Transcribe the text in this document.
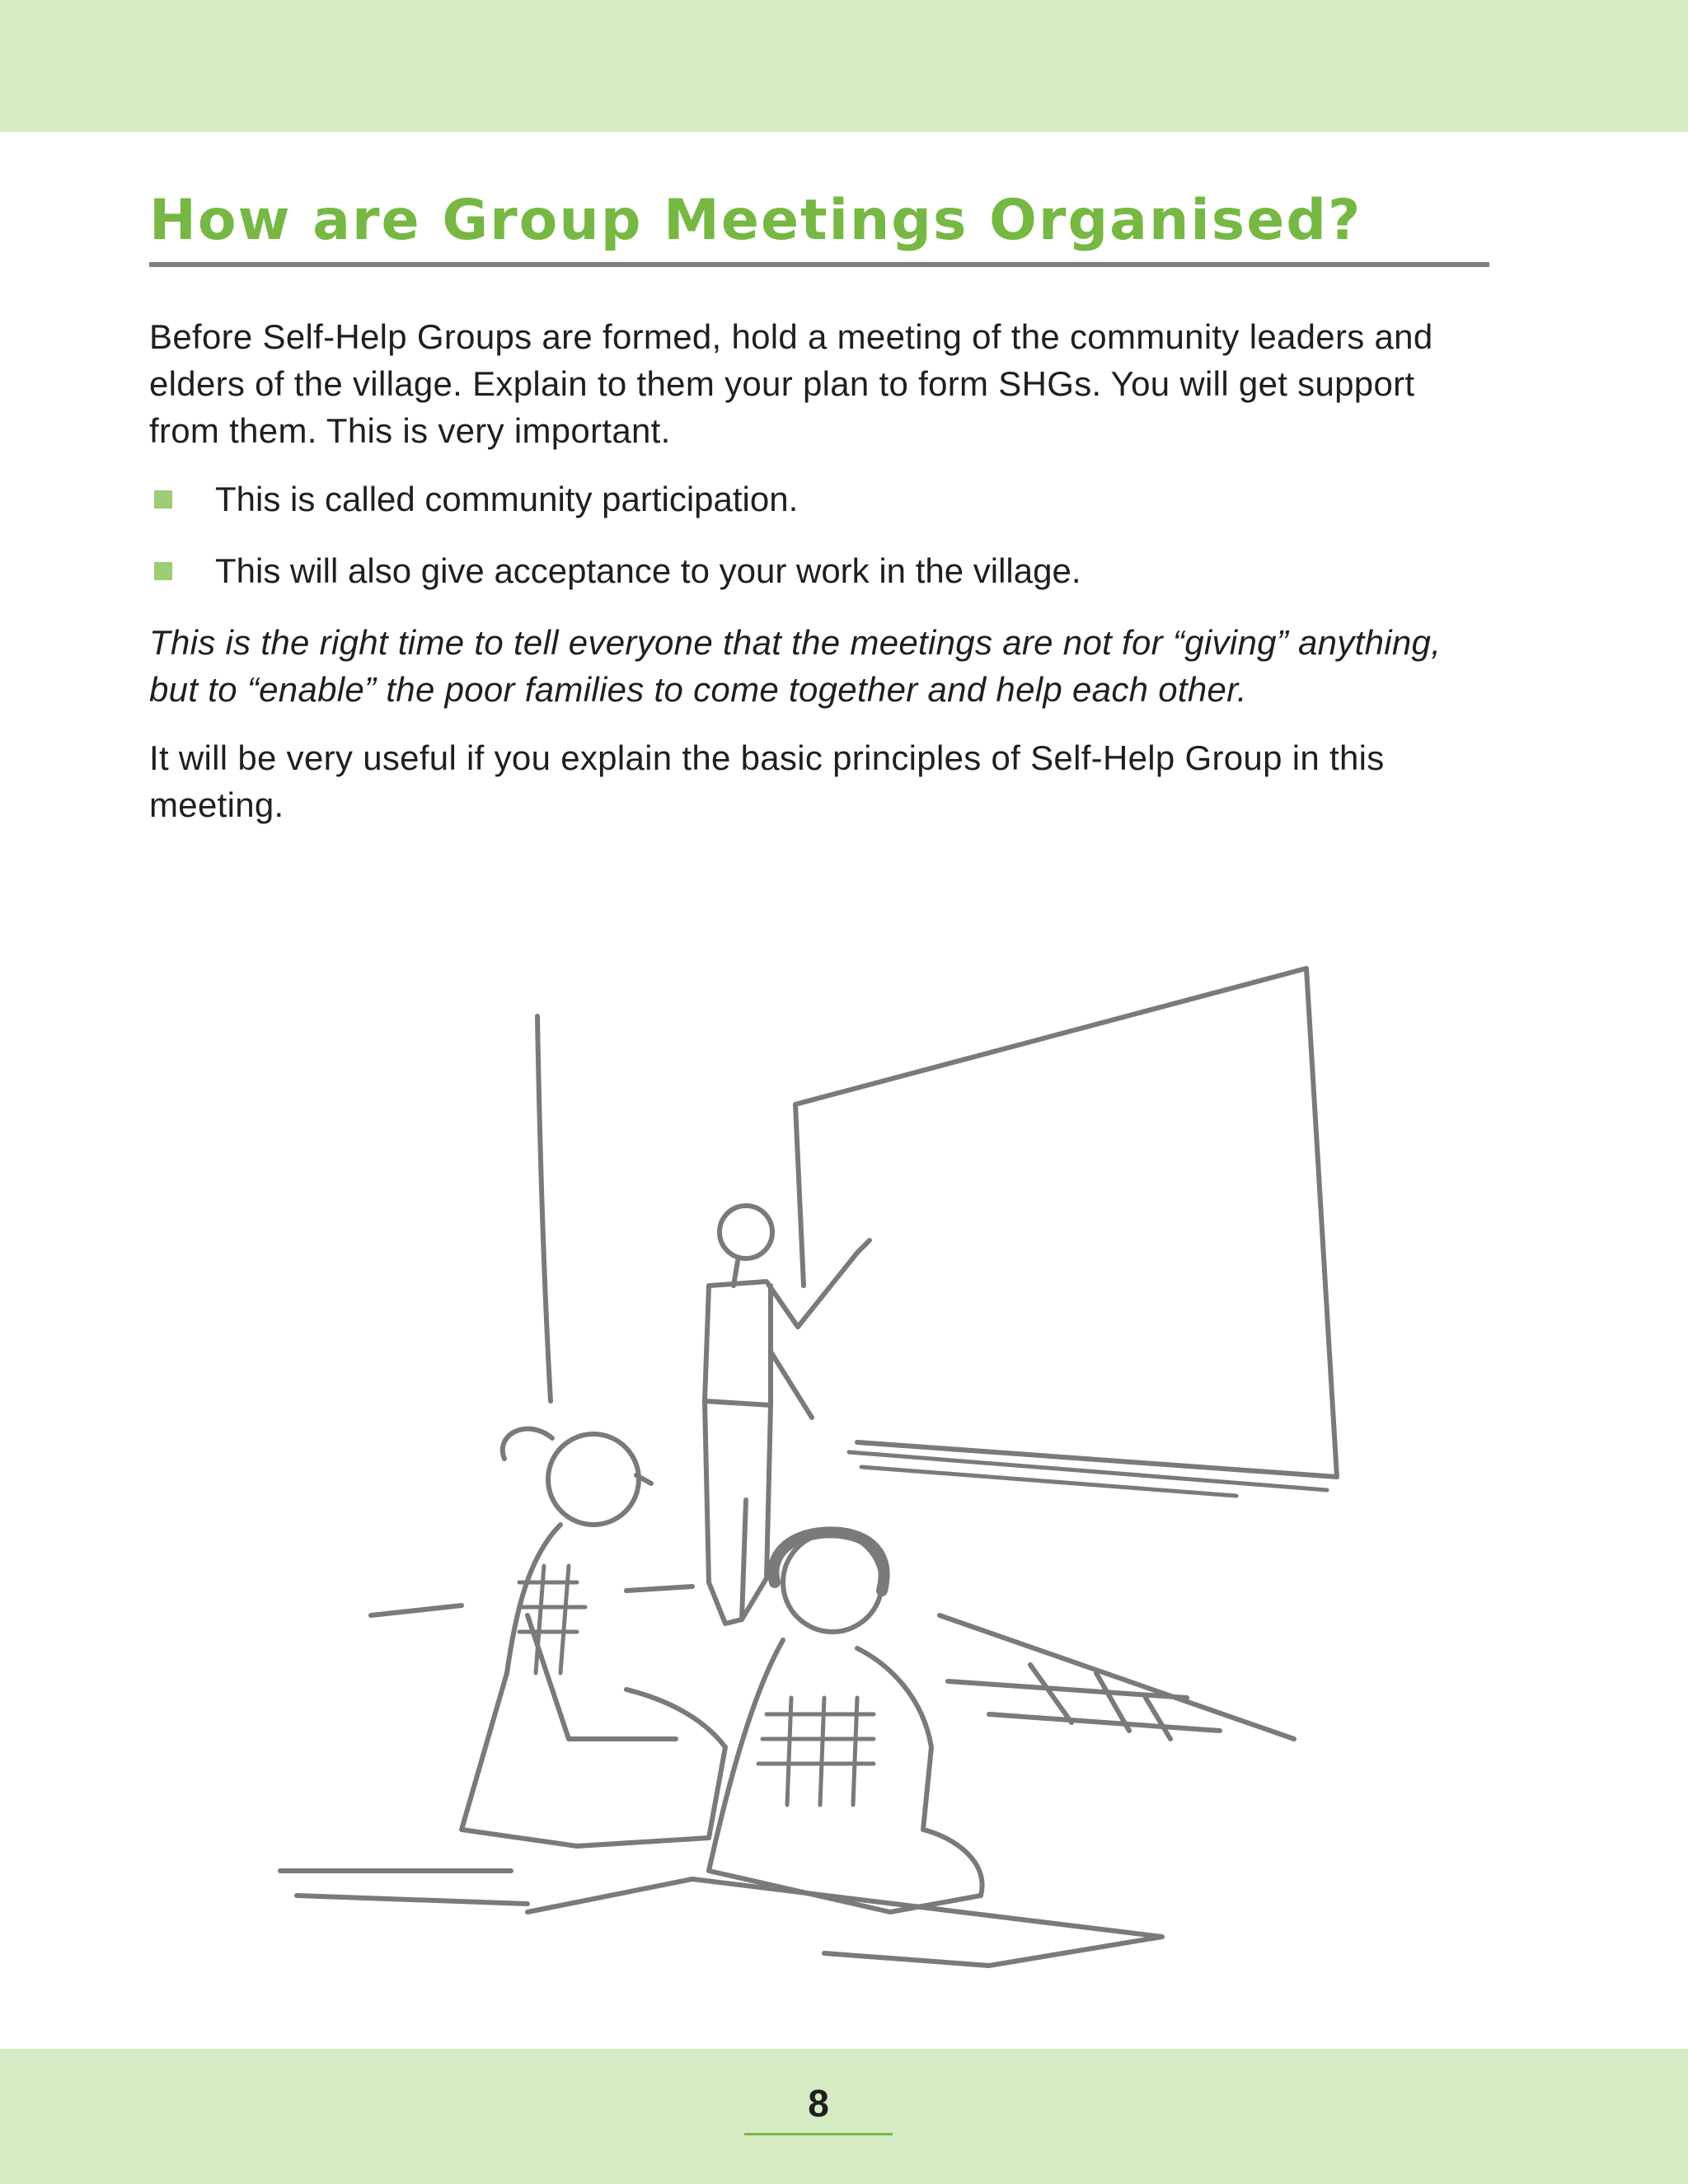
How are Group Meetings Organised?

Before Self-Help Groups are formed, hold a meeting of the community leaders and elders of the village. Explain to them your plan to form SHGs. You will get support from them. This is very important.

This is called community participation.
This will also give acceptance to your work in the village.

This is the right time to tell everyone that the meetings are not for “giving” anything, but to “enable” the poor families to come together and help each other.

It will be very useful if you explain the basic principles of Self-Help Group in this meeting.

8
